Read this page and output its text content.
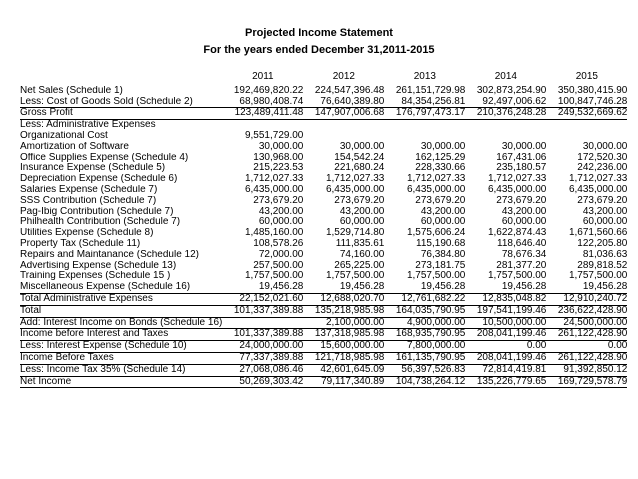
Projected Income Statement
For the years ended December 31,2011-2015
	2011	2012	2013	2014	2015

Net Sales (Schedule 1)	192,469,820.22	224,547,396.48	261,151,729.98	302,873,254.90	350,380,415.90
Less: Cost of Goods Sold (Schedule 2)	68,980,408.74	76,640,389.80	84,354,256.81	92,497,006.62	100,847,746.28
Gross Profit	123,489,411.48	147,907,006.68	176,797,473.17	210,376,248.28	249,532,669.62
Less: Administrative Expenses					
Organizational Cost	9,551,729.00				
Amortization of Software	30,000.00	30,000.00	30,000.00	30,000.00	30,000.00
Office Supplies Expense (Schedule 4)	130,968.00	154,542.24	162,125.29	167,431.06	172,520.30
Insurance Expense (Schedule 5)	215,223.53	221,680.24	228,330.66	235,180.57	242,236.00
Depreciation Expense (Schedule 6)	1,712,027.33	1,712,027.33	1,712,027.33	1,712,027.33	1,712,027.33
Salaries Expense (Schedule 7)	6,435,000.00	6,435,000.00	6,435,000.00	6,435,000.00	6,435,000.00
SSS Contribution (Schedule 7)	273,679.20	273,679.20	273,679.20	273,679.20	273,679.20
Pag-Ibig Contribution (Schedule 7)	43,200.00	43,200.00	43,200.00	43,200.00	43,200.00
Philhealth Contribution (Schedule 7)	60,000.00	60,000.00	60,000.00	60,000.00	60,000.00
Utilities Expense (Schedule 8)	1,485,160.00	1,529,714.80	1,575,606.24	1,622,874.43	1,671,560.66
Property Tax (Schedule 11)	108,578.26	111,835.61	115,190.68	118,646.40	122,205.80
Repairs and Maintanance (Schedule 12)	72,000.00	74,160.00	76,384.80	78,676.34	81,036.63
Advertising Expense (Schedule 13)	257,500.00	265,225.00	273,181.75	281,377.20	289,818.52
Training Expenses (Schedule 15 )	1,757,500.00	1,757,500.00	1,757,500.00	1,757,500.00	1,757,500.00
Miscellaneous Expense (Schedule 16)	19,456.28	19,456.28	19,456.28	19,456.28	19,456.28
Total Administrative Expenses	22,152,021.60	12,688,020.70	12,761,682.22	12,835,048.82	12,910,240.72
Total	101,337,389.88	135,218,985.98	164,035,790.95	197,541,199.46	236,622,428.90
Add: Interest Income on Bonds (Schedule 16)		2,100,000.00	4,900,000.00	10,500,000.00	24,500,000.00
Income before Interest and Taxes	101,337,389.88	137,318,985.98	168,935,790.95	208,041,199.46	261,122,428.90
Less: Interest Expense (Schedule 10)	24,000,000.00	15,600,000.00	7,800,000.00	0.00	0.00
Income Before Taxes	77,337,389.88	121,718,985.98	161,135,790.95	208,041,199.46	261,122,428.90
Less: Income Tax 35% (Schedule 14)	27,068,086.46	42,601,645.09	56,397,526.83	72,814,419.81	91,392,850.12
Net Income	50,269,303.42	79,117,340.89	104,738,264.12	135,226,779.65	169,729,578.79
